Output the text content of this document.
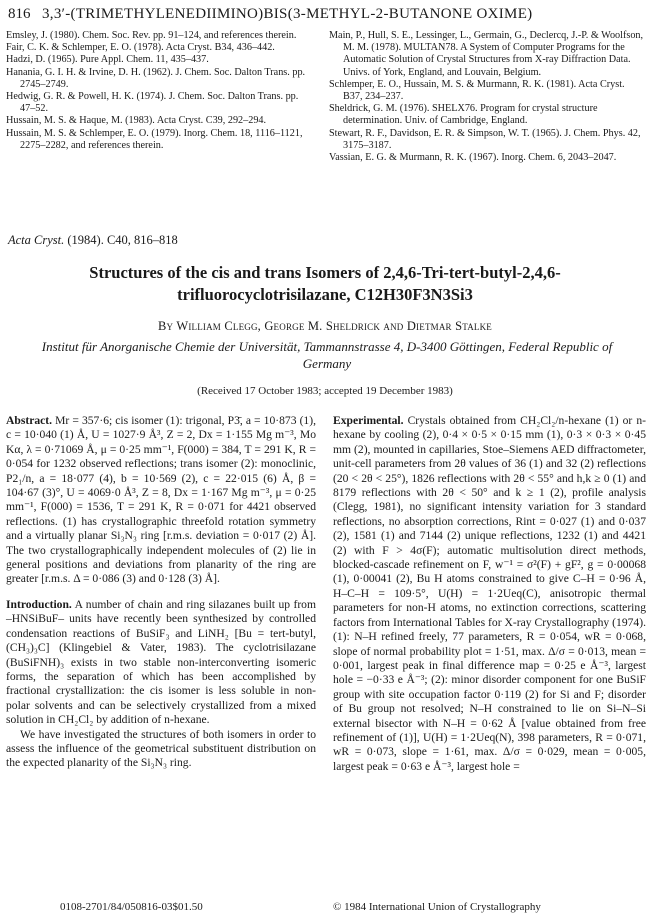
816 3,3′-(TRIMETHYLENEDIIMINO)BIS(3-METHYL-2-BUTANONE OXIME)

Emsley, J. (1980). Chem. Soc. Rev. pp. 91–124, and references therein.

Fair, C. K. & Schlemper, E. O. (1978). Acta Cryst. B34, 436–442.

Hadzi, D. (1965). Pure Appl. Chem. 11, 435–437.

Hanania, G. I. H. & Irvine, D. H. (1962). J. Chem. Soc. Dalton Trans. pp. 2745–2749.

Hedwig, G. R. & Powell, H. K. (1974). J. Chem. Soc. Dalton Trans. pp. 47–52.

Hussain, M. S. & Haque, M. (1983). Acta Cryst. C39, 292–294.

Hussain, M. S. & Schlemper, E. O. (1979). Inorg. Chem. 18, 1116–1121, 2275–2282, and references therein.

Main, P., Hull, S. E., Lessinger, L., Germain, G., Declercq, J.-P. & Woolfson, M. M. (1978). MULTAN78. A System of Computer Programs for the Automatic Solution of Crystal Structures from X-ray Diffraction Data. Univs. of York, England, and Louvain, Belgium.

Schlemper, E. O., Hussain, M. S. & Murmann, R. K. (1981). Acta Cryst. B37, 234–237.

Sheldrick, G. M. (1976). SHELX76. Program for crystal structure determination. Univ. of Cambridge, England.

Stewart, R. F., Davidson, E. R. & Simpson, W. T. (1965). J. Chem. Phys. 42, 3175–3187.

Vassian, E. G. & Murmann, R. K. (1967). Inorg. Chem. 6, 2043–2047.

Acta Cryst. (1984). C40, 816–818
Structures of the cis and trans Isomers of 2,4,6-Tri-tert-butyl-2,4,6-
trifluorocyclotrisilazane, C12H30F3N3Si3
By William Clegg, George M. Sheldrick and Dietmar Stalke
Institut für Anorganische Chemie der Universität, Tammannstrasse 4, D-3400 Göttingen, Federal Republic of Germany
(Received 17 October 1983; accepted 19 December 1983)

Abstract. Mr = 357·6; cis isomer (1): trigonal, P3̄, a = 10·873 (1), c = 10·040 (1) Å, U = 1027·9 Å³, Z = 2, Dx = 1·155 Mg m⁻³, Mo Kα, λ = 0·71069 Å, μ = 0·25 mm⁻¹, F(000) = 384, T = 291 K, R = 0·054 for 1232 observed reflections; trans isomer (2): monoclinic, P2₁/n, a = 18·077 (4), b = 10·569 (2), c = 22·015 (6) Å, β = 104·67 (3)°, U = 4069·0 Å³, Z = 8, Dx = 1·167 Mg m⁻³, μ = 0·25 mm⁻¹, F(000) = 1536, T = 291 K, R = 0·071 for 4421 observed reflections. (1) has crystallographic threefold rotation symmetry and a virtually planar Si₃N₃ ring [r.m.s. deviation = 0·017 (2) Å]. The two crystallographically independent molecules of (2) lie in general positions and deviations from planarity of the ring are greater [r.m.s. Δ = 0·086 (3) and 0·128 (3) Å].

Introduction. A number of chain and ring silazanes built up from –HNSiBuF– units have recently been synthesized by controlled condensation reactions of BuSiF₃ and LiNH₂ [Bu = tert-butyl, (CH₃)₃C] (Klingebiel & Vater, 1983). The cyclotrisilazane (BuSiFNH)₃ exists in two stable non-interconverting isomeric forms, the separation of which has been accomplished by fractional crystallization: the cis isomer is less soluble in non-polar solvents and can be selectively crystallized from a mixed solution in CH₂Cl₂ by addition of n-hexane.

We have investigated the structures of both isomers in order to assess the influence of the geometrical substituent distribution on the expected planarity of the Si₃N₃ ring.

Experimental. Crystals obtained from CH₂Cl₂/n-hexane (1) or n-hexane by cooling (2), 0·4 × 0·5 × 0·15 mm (1), 0·3 × 0·3 × 0·45 mm (2), mounted in capillaries, Stoe–Siemens AED diffractometer, unit-cell parameters from 2θ values of 36 (1) and 32 (2) reflections (20 < 2θ < 25°), 1826 reflections with 2θ < 55° and h,k ≥ 0 (1) and 8179 reflections with 2θ < 50° and k ≥ 1 (2), profile analysis (Clegg, 1981), no significant intensity variation for 3 standard reflections, no absorption corrections, Rint = 0·027 (1) and 0·037 (2), 1581 (1) and 7144 (2) unique reflections, 1232 (1) and 4421 (2) with F > 4σ(F); automatic multisolution direct methods, blocked-cascade refinement on F, w⁻¹ = σ²(F) + gF², g = 0·00068 (1), 0·00041 (2), Bu H atoms constrained to give C–H = 0·96 Å, H–C–H = 109·5°, U(H) = 1·2Ueq(C), anisotropic thermal parameters for non-H atoms, no extinction corrections, scattering factors from International Tables for X-ray Crystallography (1974). (1): N–H refined freely, 77 parameters, R = 0·054, wR = 0·068, slope of normal probability plot = 1·51, max. Δ/σ = 0·013, mean = 0·001, largest peak in final difference map = 0·25 e Å⁻³, largest hole = −0·33 e Å⁻³; (2): minor disorder component for one BuSiF group with site occupation factor 0·119 (2) for Si and F; disorder of Bu group not resolved; N–H constrained to lie on Si–N–Si external bisector with N–H = 0·62 Å [value obtained from free refinement of (1)], U(H) = 1·2Ueq(N), 398 parameters, R = 0·071, wR = 0·073, slope = 1·61, max. Δ/σ = 0·029, mean = 0·005, largest peak = 0·63 e Å⁻³, largest hole =

0108-2701/84/050816-03$01.50	© 1984 International Union of Crystallography
